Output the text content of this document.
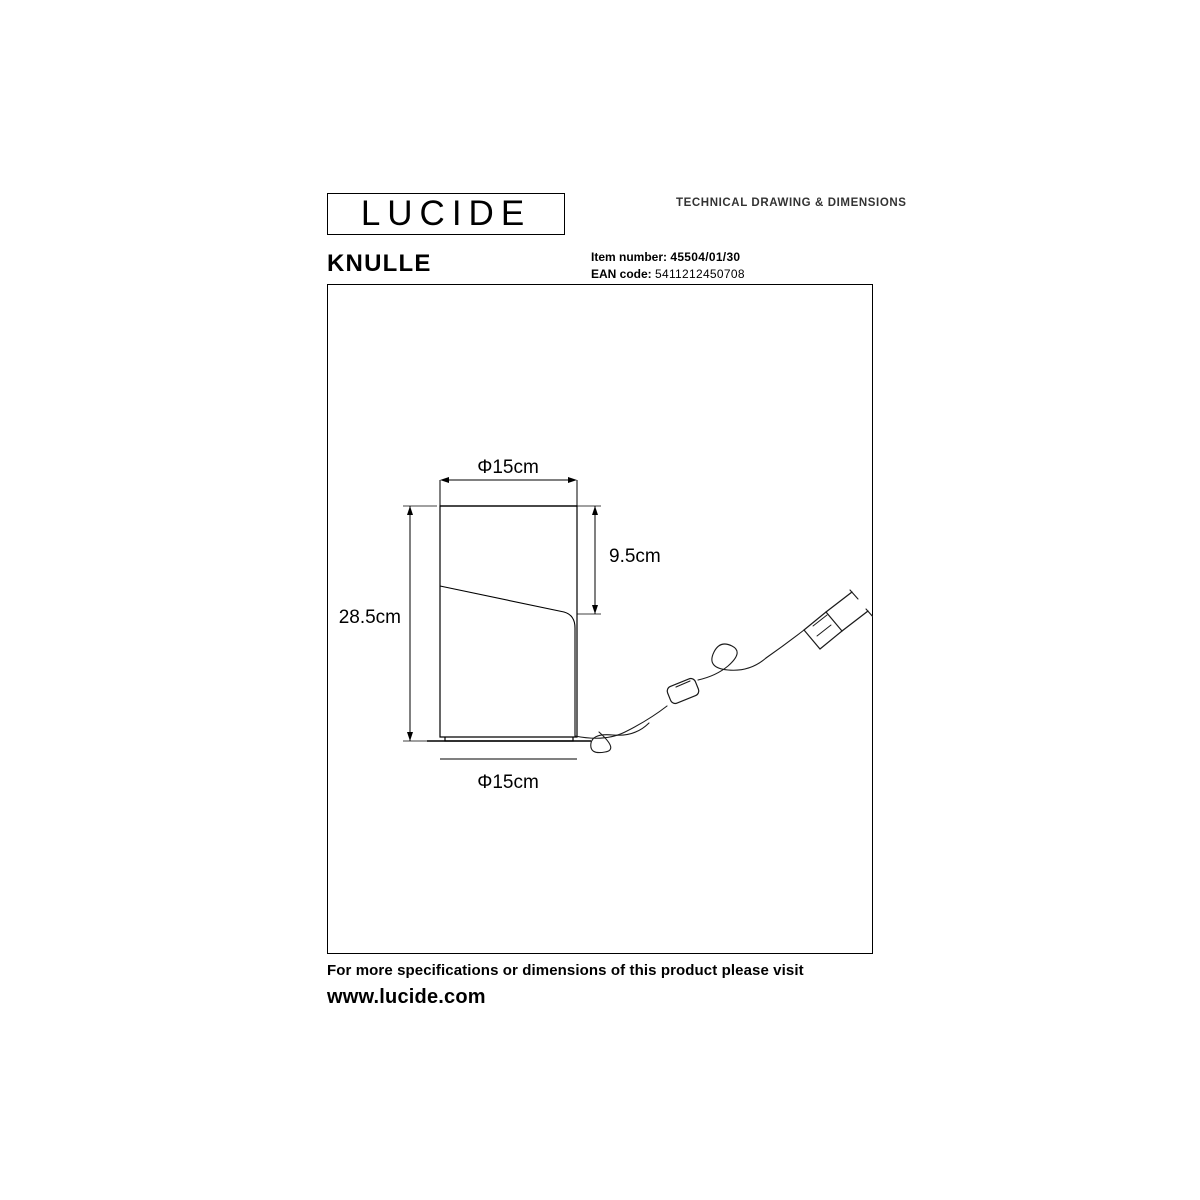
LUCIDE	TECHNICAL DRAWING & DIMENSIONS
KNULLE	Item number: 45504/01/30
EAN code: 5411212450708
Φ15cm
9.5cm
28.5cm
Φ15cm
For more specifications or dimensions of this product please visit
www.lucide.com
